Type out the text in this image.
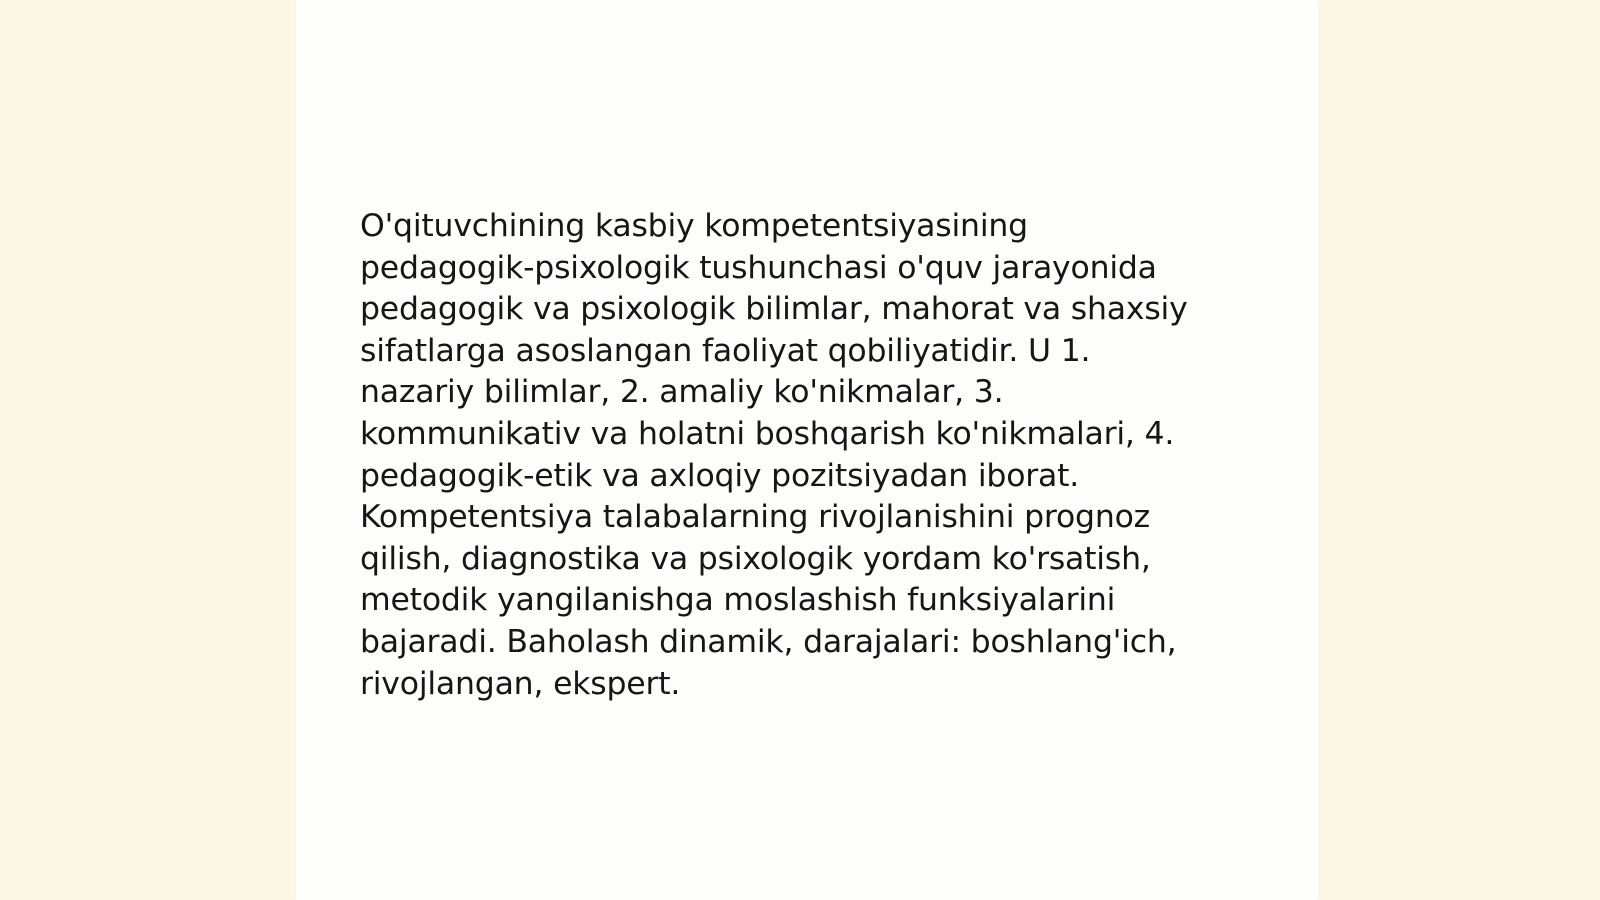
O'qituvchining kasbiy kompetentsiyasining
pedagogik-psixologik tushunchasi o'quv jarayonida
pedagogik va psixologik bilimlar, mahorat va shaxsiy
sifatlarga asoslangan faoliyat qobiliyatidir. U 1.
nazariy bilimlar, 2. amaliy ko'nikmalar, 3.
kommunikativ va holatni boshqarish ko'nikmalari, 4.
pedagogik-etik va axloqiy pozitsiyadan iborat.
Kompetentsiya talabalarning rivojlanishini prognoz
qilish, diagnostika va psixologik yordam ko'rsatish,
metodik yangilanishga moslashish funksiyalarini
bajaradi. Baholash dinamik, darajalari: boshlang'ich,
rivojlangan, ekspert.
